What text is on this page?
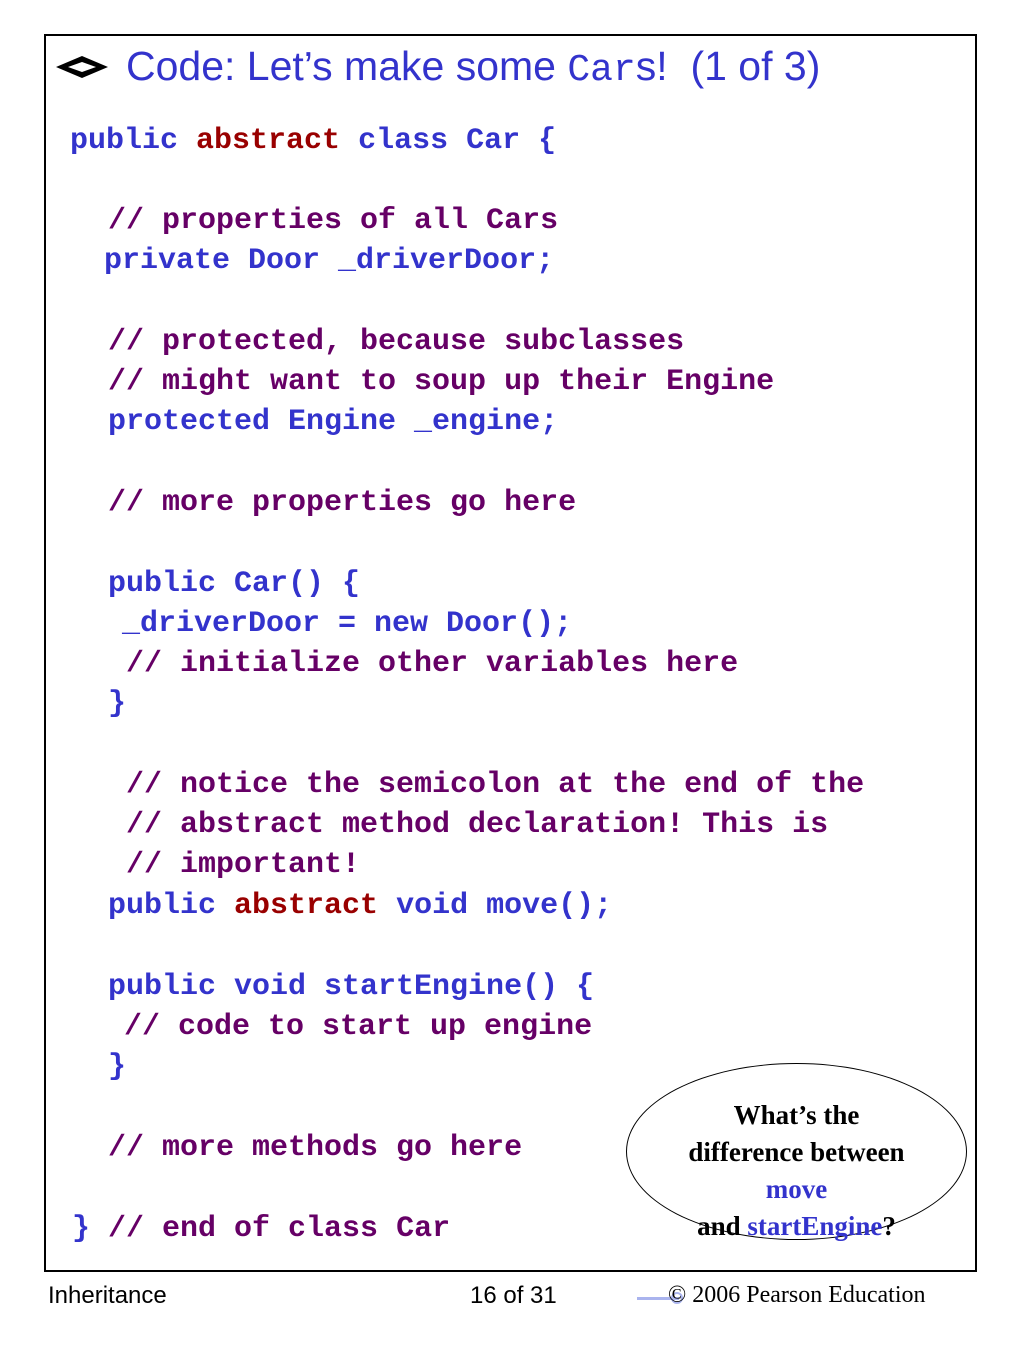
Code: Let’s make some Cars!  (1 of 3)
public abstract class Car {
// properties of all Cars
private Door _driverDoor;
// protected, because subclasses
// might want to soup up their Engine
protected Engine _engine;
// more properties go here
public Car() {
_driverDoor = new Door();
// initialize other variables here
}
// notice the semicolon at the end of the
// abstract method declaration! This is
// important!
public abstract void move();
public void startEngine() {
// code to start up engine
}
// more methods go here
} // end of class Car
What’s the
difference between
move
and startEngine?
Inheritance	16 of 31	© 2006 Pearson Education
